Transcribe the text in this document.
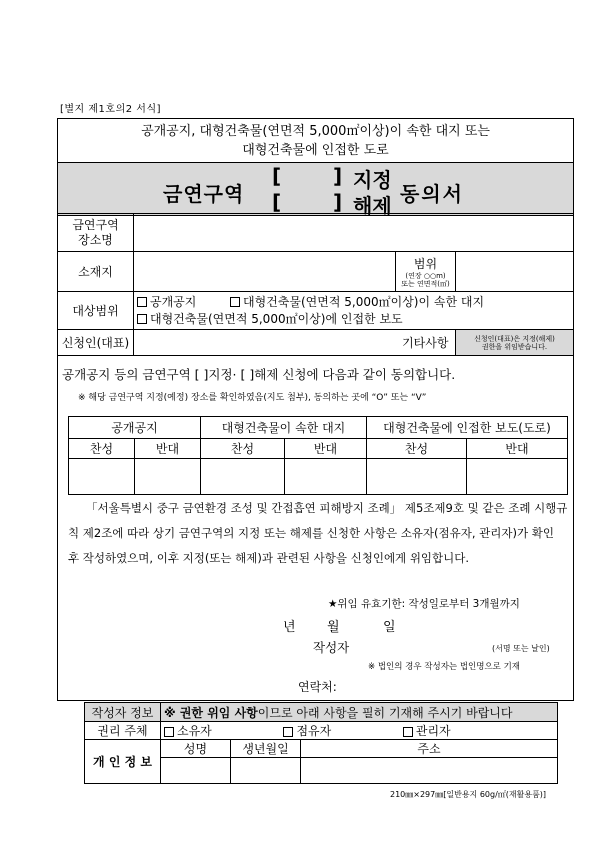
[별지 제1호의2 서식]
공개공지, 대형건축물(연면적 5,000㎡이상)이 속한 대지 또는
대형건축물에 인접한 도로
금연구역
[	] 지정
[	] 해제 동의서
금연구역
장소명			

소재지		범위
(연장 ○○m)
또는 연면적(㎡)	

대상범위	공개공지 대형건축물(연면적 5,000㎡이상)이 속한 대지
대형건축물(연면적 5,000㎡이상)에 인접한 보도		

신청인(대표)		기타사항	신청인(대표)은 지정(해제)
권한을 위임받습니다.
공개공지 등의 금연구역 [ ]지정· [ ]해제 신청에 다음과 같이 동의합니다.
※ 해당 금연구역 지정(예정) 장소를 확인하였음(지도 첨부), 동의하는 곳에 “O” 또는 “V”
공개공지		대형건축물이 속한 대지		대형건축물에 인접한 보도(도로)	
찬성	반대	찬성	반대	찬성	반대

「서울특별시 중구 금연환경 조성 및 간접흡연 피해방지 조례」 제5조제9호 및 같은 조례 시행규칙 제2조에 따라 상기 금연구역의 지정 또는 해제를 신청한 사항은 소유자(점유자, 관리자)가 확인 후 작성하였으며, 이후 지정(또는 해제)과 관련된 사항을 신청인에게 위임합니다.
★위임 유효기한: 작성일로부터 3개월까지
년 월	일
작성자	(서명 또는 날인)
※ 법인의 경우 작성자는 법인명으로 기재
연락처:
작성자 정보	※ 권한 위임 사항이므로 아래 사항을 필히 기재해 주시기 바랍니다		
권리 주체	소유자 점유자 관리자		
개 인 정 보	성명	생년월일	주소

210㎜×297㎜[일반용지 60g/㎡(재활용품)]
